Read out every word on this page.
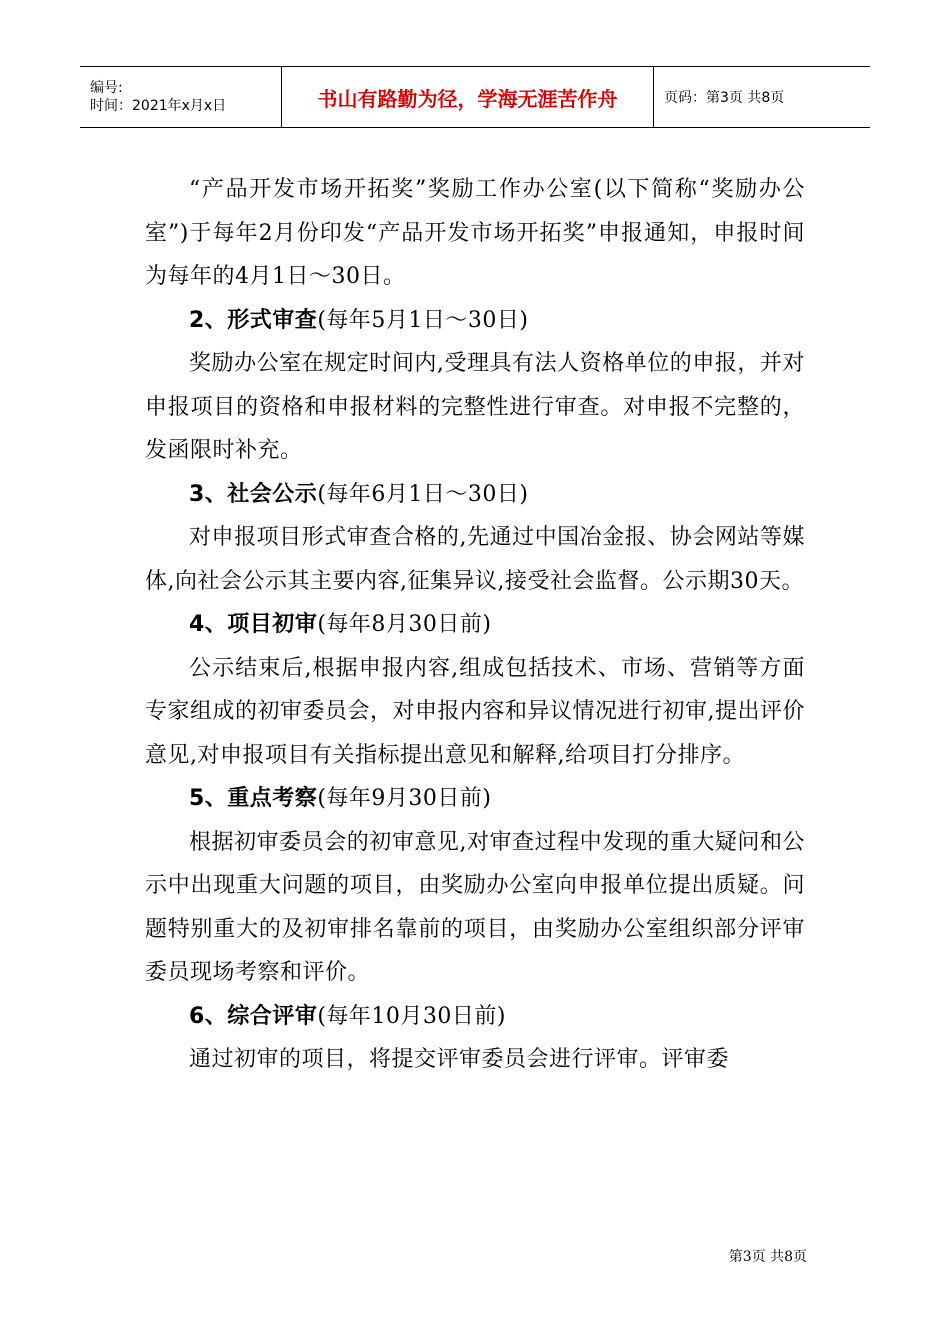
编号:
时间：2021年x月x日	书山有路勤为径，学海无涯苦作舟	页码：第3页 共8页

“产品开发市场开拓奖”奖励工作办公室(以下简称“奖励办公室”)于每年2月份印发“产品开发市场开拓奖”申报通知，申报时间为每年的4月1日～30日。

2、形式审查(每年5月1日～30日)

奖励办公室在规定时间内,受理具有法人资格单位的申报，并对申报项目的资格和申报材料的完整性进行审查。对申报不完整的，发函限时补充。

3、社会公示(每年6月1日～30日)

对申报项目形式审查合格的,先通过中国冶金报、协会网站等媒体,向社会公示其主要内容,征集异议,接受社会监督。公示期30天。

4、项目初审(每年8月30日前)

公示结束后,根据申报内容,组成包括技术、市场、营销等方面专家组成的初审委员会，对申报内容和异议情况进行初审,提出评价意见,对申报项目有关指标提出意见和解释,给项目打分排序。

5、重点考察(每年9月30日前)

根据初审委员会的初审意见,对审查过程中发现的重大疑问和公示中出现重大问题的项目，由奖励办公室向申报单位提出质疑。问题特别重大的及初审排名靠前的项目，由奖励办公室组织部分评审委员现场考察和评价。

6、综合评审(每年10月30日前)

通过初审的项目，将提交评审委员会进行评审。评审委

第3页 共8页
